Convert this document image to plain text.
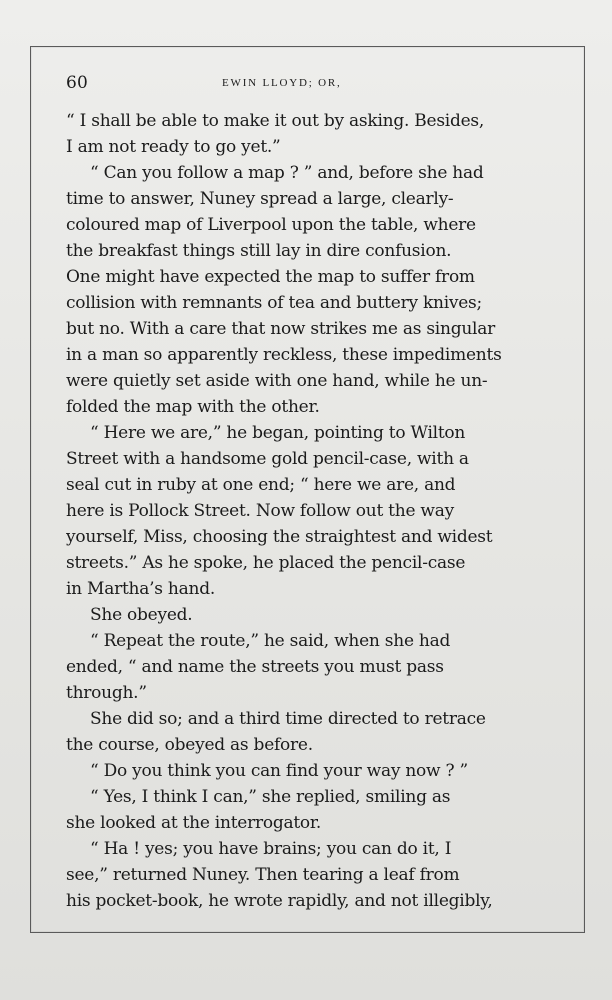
60	EWIN LLOYD; OR,
“ I shall be able to make it out by asking. Besides,
I am not ready to go yet.”
“ Can you follow a map ? ” and, before she had
time to answer, Nuney spread a large, clearly-
coloured map of Liverpool upon the table, where
the breakfast things still lay in dire confusion.
One might have expected the map to suffer from
collision with remnants of tea and buttery knives;
but no. With a care that now strikes me as singular
in a man so apparently reckless, these impediments
were quietly set aside with one hand, while he un-
folded the map with the other.
“ Here we are,” he began, pointing to Wilton
Street with a handsome gold pencil-case, with a
seal cut in ruby at one end; “ here we are, and
here is Pollock Street. Now follow out the way
yourself, Miss, choosing the straightest and widest
streets.” As he spoke, he placed the pencil-case
in Martha’s hand.
She obeyed.
“ Repeat the route,” he said, when she had
ended, “ and name the streets you must pass
through.”
She did so; and a third time directed to retrace
the course, obeyed as before.
“ Do you think you can find your way now ? ”
“ Yes, I think I can,” she replied, smiling as
she looked at the interrogator.
“ Ha ! yes; you have brains; you can do it, I
see,” returned Nuney. Then tearing a leaf from
his pocket-book, he wrote rapidly, and not illegibly,
